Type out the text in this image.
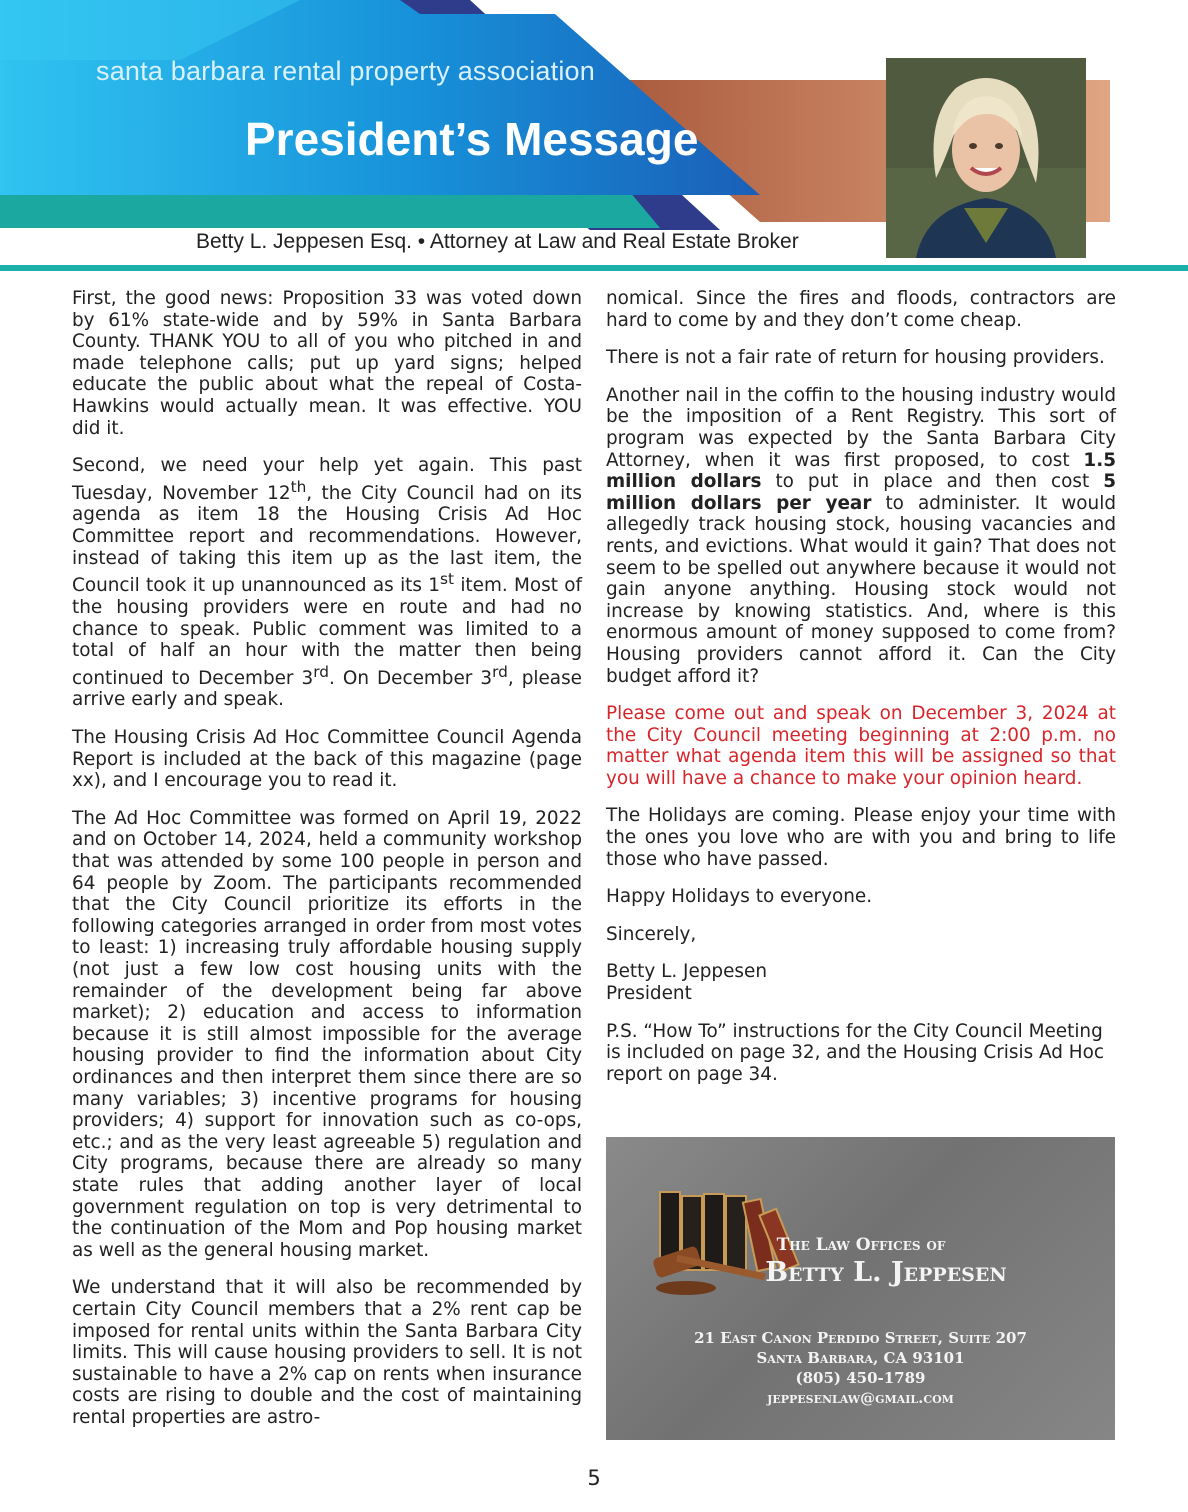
santa barbara rental property association
President’s Message
Betty L. Jeppesen Esq. • Attorney at Law and Real Estate Broker

First, the good news: Proposition 33 was voted down by 61% state-wide and by 59% in Santa Barbara County. THANK YOU to all of you who pitched in and made telephone calls; put up yard signs; helped educate the public about what the repeal of Costa-Hawkins would actually mean. It was effective. YOU did it.

Second, we need your help yet again. This past Tuesday, November 12th, the City Council had on its agenda as item 18 the Housing Crisis Ad Hoc Committee report and recommendations. However, instead of taking this item up as the last item, the Council took it up unannounced as its 1st item. Most of the housing providers were en route and had no chance to speak. Public comment was limited to a total of half an hour with the matter then being continued to December 3rd. On December 3rd, please arrive early and speak.

The Housing Crisis Ad Hoc Committee Council Agenda Report is included at the back of this magazine (page xx), and I encourage you to read it.

The Ad Hoc Committee was formed on April 19, 2022 and on October 14, 2024, held a community workshop that was attended by some 100 people in person and 64 people by Zoom. The participants recommended that the City Council prioritize its efforts in the following categories arranged in order from most votes to least: 1) increasing truly affordable housing supply (not just a few low cost housing units with the remainder of the development being far above market); 2) education and access to information because it is still almost impossible for the average housing provider to find the information about City ordinances and then interpret them since there are so many variables; 3) incentive programs for housing providers; 4) support for innovation such as co-ops, etc.; and as the very least agreeable 5) regulation and City programs, because there are already so many state rules that adding another layer of local government regulation on top is very detrimental to the continuation of the Mom and Pop housing market as well as the general housing market.

We understand that it will also be recommended by certain City Council members that a 2% rent cap be imposed for rental units within the Santa Barbara City limits. This will cause housing providers to sell. It is not sustainable to have a 2% cap on rents when insurance costs are rising to double and the cost of maintaining rental properties are astro-

nomical. Since the fires and floods, contractors are hard to come by and they don’t come cheap.

There is not a fair rate of return for housing providers.

Another nail in the coffin to the housing industry would be the imposition of a Rent Registry. This sort of program was expected by the Santa Barbara City Attorney, when it was first proposed, to cost 1.5 million dollars to put in place and then cost 5 million dollars per year to administer. It would allegedly track housing stock, housing vacancies and rents, and evictions. What would it gain? That does not seem to be spelled out anywhere because it would not gain anyone anything. Housing stock would not increase by knowing statistics. And, where is this enormous amount of money supposed to come from? Housing providers cannot afford it. Can the City budget afford it?

Please come out and speak on December 3, 2024 at the City Council meeting beginning at 2:00 p.m. no matter what agenda item this will be assigned so that you will have a chance to make your opinion heard.

The Holidays are coming. Please enjoy your time with the ones you love who are with you and bring to life those who have passed.

Happy Holidays to everyone.

Sincerely,

Betty L. Jeppesen
President

P.S. “How To” instructions for the City Council Meeting is included on page 32, and the Housing Crisis Ad Hoc report on page 34.

The Law Offices of
Betty L. Jeppesen
21 East Canon Perdido Street, Suite 207
Santa Barbara, CA 93101
(805) 450-1789
jeppesenlaw@gmail.com
5
